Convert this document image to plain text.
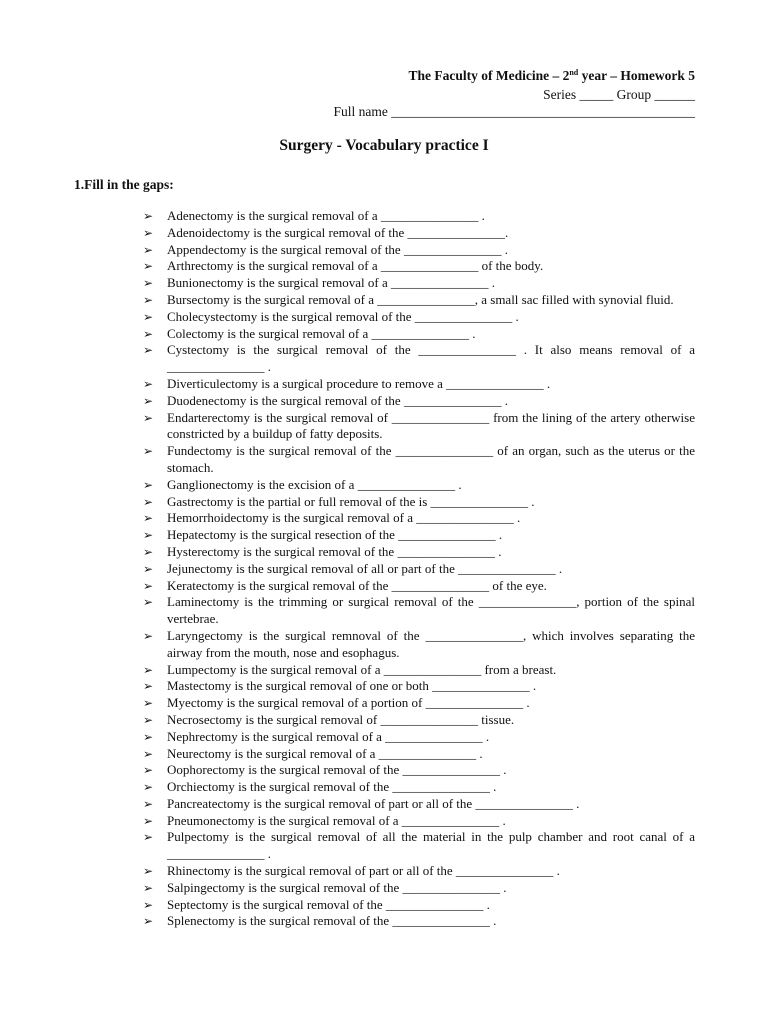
The Faculty of Medicine – 2nd year – Homework 5
Series _____ Group ______
Full name _____________________________________________
Surgery - Vocabulary practice I
1.Fill in the gaps:
➢ Adenectomy is the surgical removal of a _______________ .
➢ Adenoidectomy is the surgical removal of the _______________.
➢ Appendectomy is the surgical removal of the _______________ .
➢ Arthrectomy is the surgical removal of a _______________ of the body.
➢ Bunionectomy is the surgical removal of a _______________ .
➢ Bursectomy is the surgical removal of a _______________, a small sac filled with synovial fluid.
➢ Cholecystectomy is the surgical removal of the _______________ .
➢ Colectomy is the surgical removal of a _______________ .
➢ Cystectomy is the surgical removal of the _______________ . It also means removal of a _______________ .
➢ Diverticulectomy is a surgical procedure to remove a _______________ .
➢ Duodenectomy is the surgical removal of the _______________ .
➢ Endarterectomy is the surgical removal of _______________ from the lining of the artery otherwise constricted by a buildup of fatty deposits.
➢ Fundectomy is the surgical removal of the _______________ of an organ, such as the uterus or the stomach.
➢ Ganglionectomy is the excision of a _______________ .
➢ Gastrectomy is the partial or full removal of the is _______________ .
➢ Hemorrhoidectomy is the surgical removal of a _______________ .
➢ Hepatectomy is the surgical resection of the _______________ .
➢ Hysterectomy is the surgical removal of the _______________ .
➢ Jejunectomy is the surgical removal of all or part of the _______________ .
➢ Keratectomy is the surgical removal of the _______________ of the eye.
➢ Laminectomy is the trimming or surgical removal of the _______________, portion of the spinal vertebrae.
➢ Laryngectomy is the surgical remnoval of the _______________, which involves separating the airway from the mouth, nose and esophagus.
➢ Lumpectomy is the surgical removal of a _______________ from a breast.
➢ Mastectomy is the surgical removal of one or both _______________ .
➢ Myectomy is the surgical removal of a portion of _______________ .
➢ Necrosectomy is the surgical removal of _______________ tissue.
➢ Nephrectomy is the surgical removal of a _______________ .
➢ Neurectomy is the surgical removal of a _______________ .
➢ Oophorectomy is the surgical removal of the _______________ .
➢ Orchiectomy is the surgical removal of the _______________ .
➢ Pancreatectomy is the surgical removal of part or all of the _______________ .
➢ Pneumonectomy is the surgical removal of a _______________ .
➢ Pulpectomy is the surgical removal of all the material in the pulp chamber and root canal of a _______________ .
➢ Rhinectomy is the surgical removal of part or all of the _______________ .
➢ Salpingectomy is the surgical removal of the _______________ .
➢ Septectomy is the surgical removal of the _______________ .
➢ Splenectomy is the surgical removal of the _______________ .
